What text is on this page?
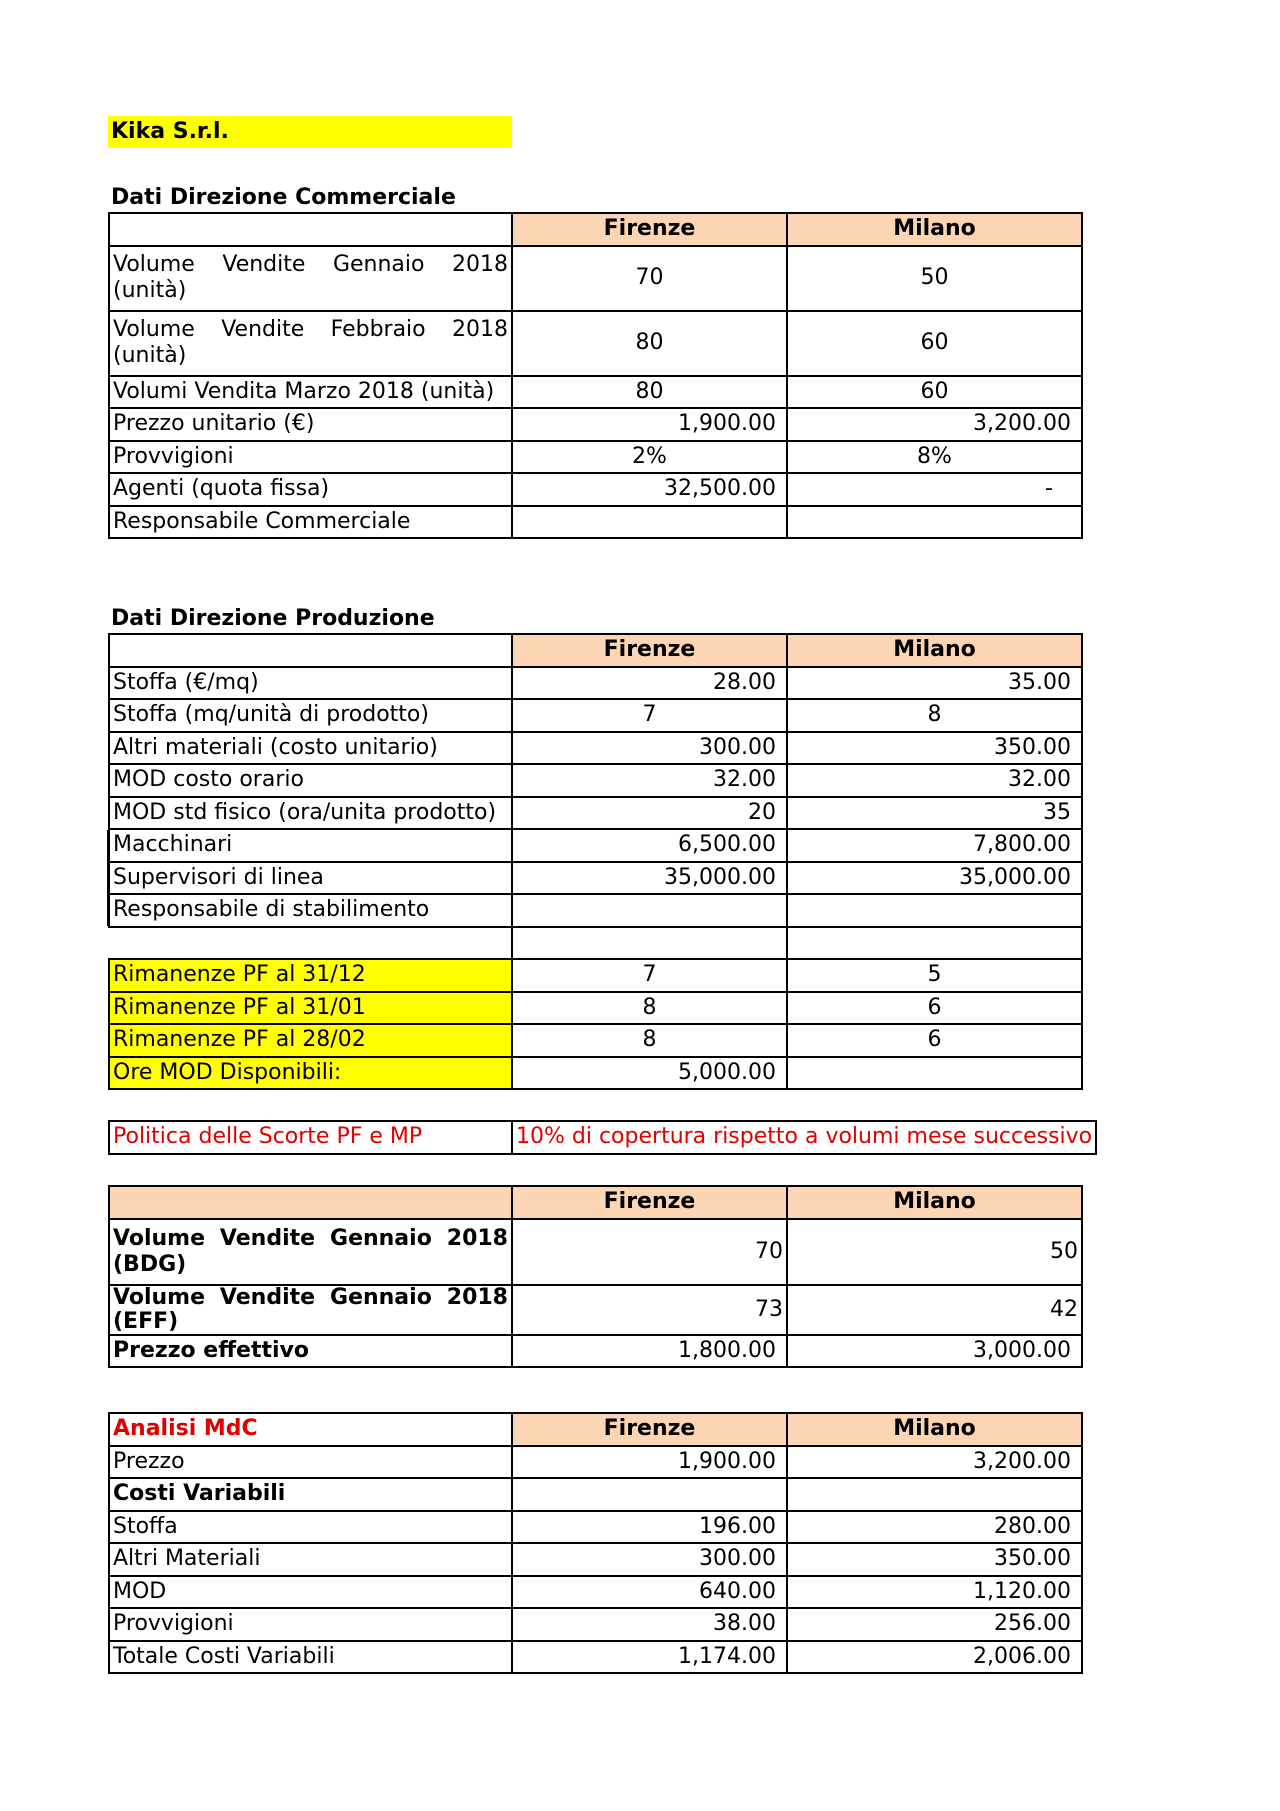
Kika S.r.l.
Dati Direzione Commerciale
	Firenze	Milano
Volume Vendite Gennaio 2018 (unità)	70	50
Volume Vendite Febbraio 2018 (unità)	80	60
Volumi Vendita Marzo 2018 (unità)	80	60
Prezzo unitario (€)	1,900.00	3,200.00
Provvigioni	2%	8%
Agenti (quota fissa)	32,500.00	-
Responsabile Commerciale		
Dati Direzione Produzione
	Firenze	Milano
Stoffa (€/mq)	28.00	35.00
Stoffa (mq/unità di prodotto)	7	8
Altri materiali (costo unitario)	300.00	350.00
MOD costo orario	32.00	32.00
MOD std fisico (ora/unita prodotto)	20	35
Macchinari	6,500.00	7,800.00
Supervisori di linea	35,000.00	35,000.00
Responsabile di stabilimento		

Rimanenze PF al 31/12	7	5
Rimanenze PF al 31/01	8	6
Rimanenze PF al 28/02	8	6
Ore MOD Disponibili:	5,000.00	
Politica delle Scorte PF e MP	10% di copertura rispetto a volumi mese successivo
	Firenze	Milano
Volume Vendite Gennaio 2018 (BDG)	70	50
Volume Vendite Gennaio 2018 (EFF)	73	42
Prezzo effettivo	1,800.00	3,000.00
Analisi MdC	Firenze	Milano
Prezzo	1,900.00	3,200.00
Costi Variabili		
Stoffa	196.00	280.00
Altri Materiali	300.00	350.00
MOD	640.00	1,120.00
Provvigioni	38.00	256.00
Totale Costi Variabili	1,174.00	2,006.00
